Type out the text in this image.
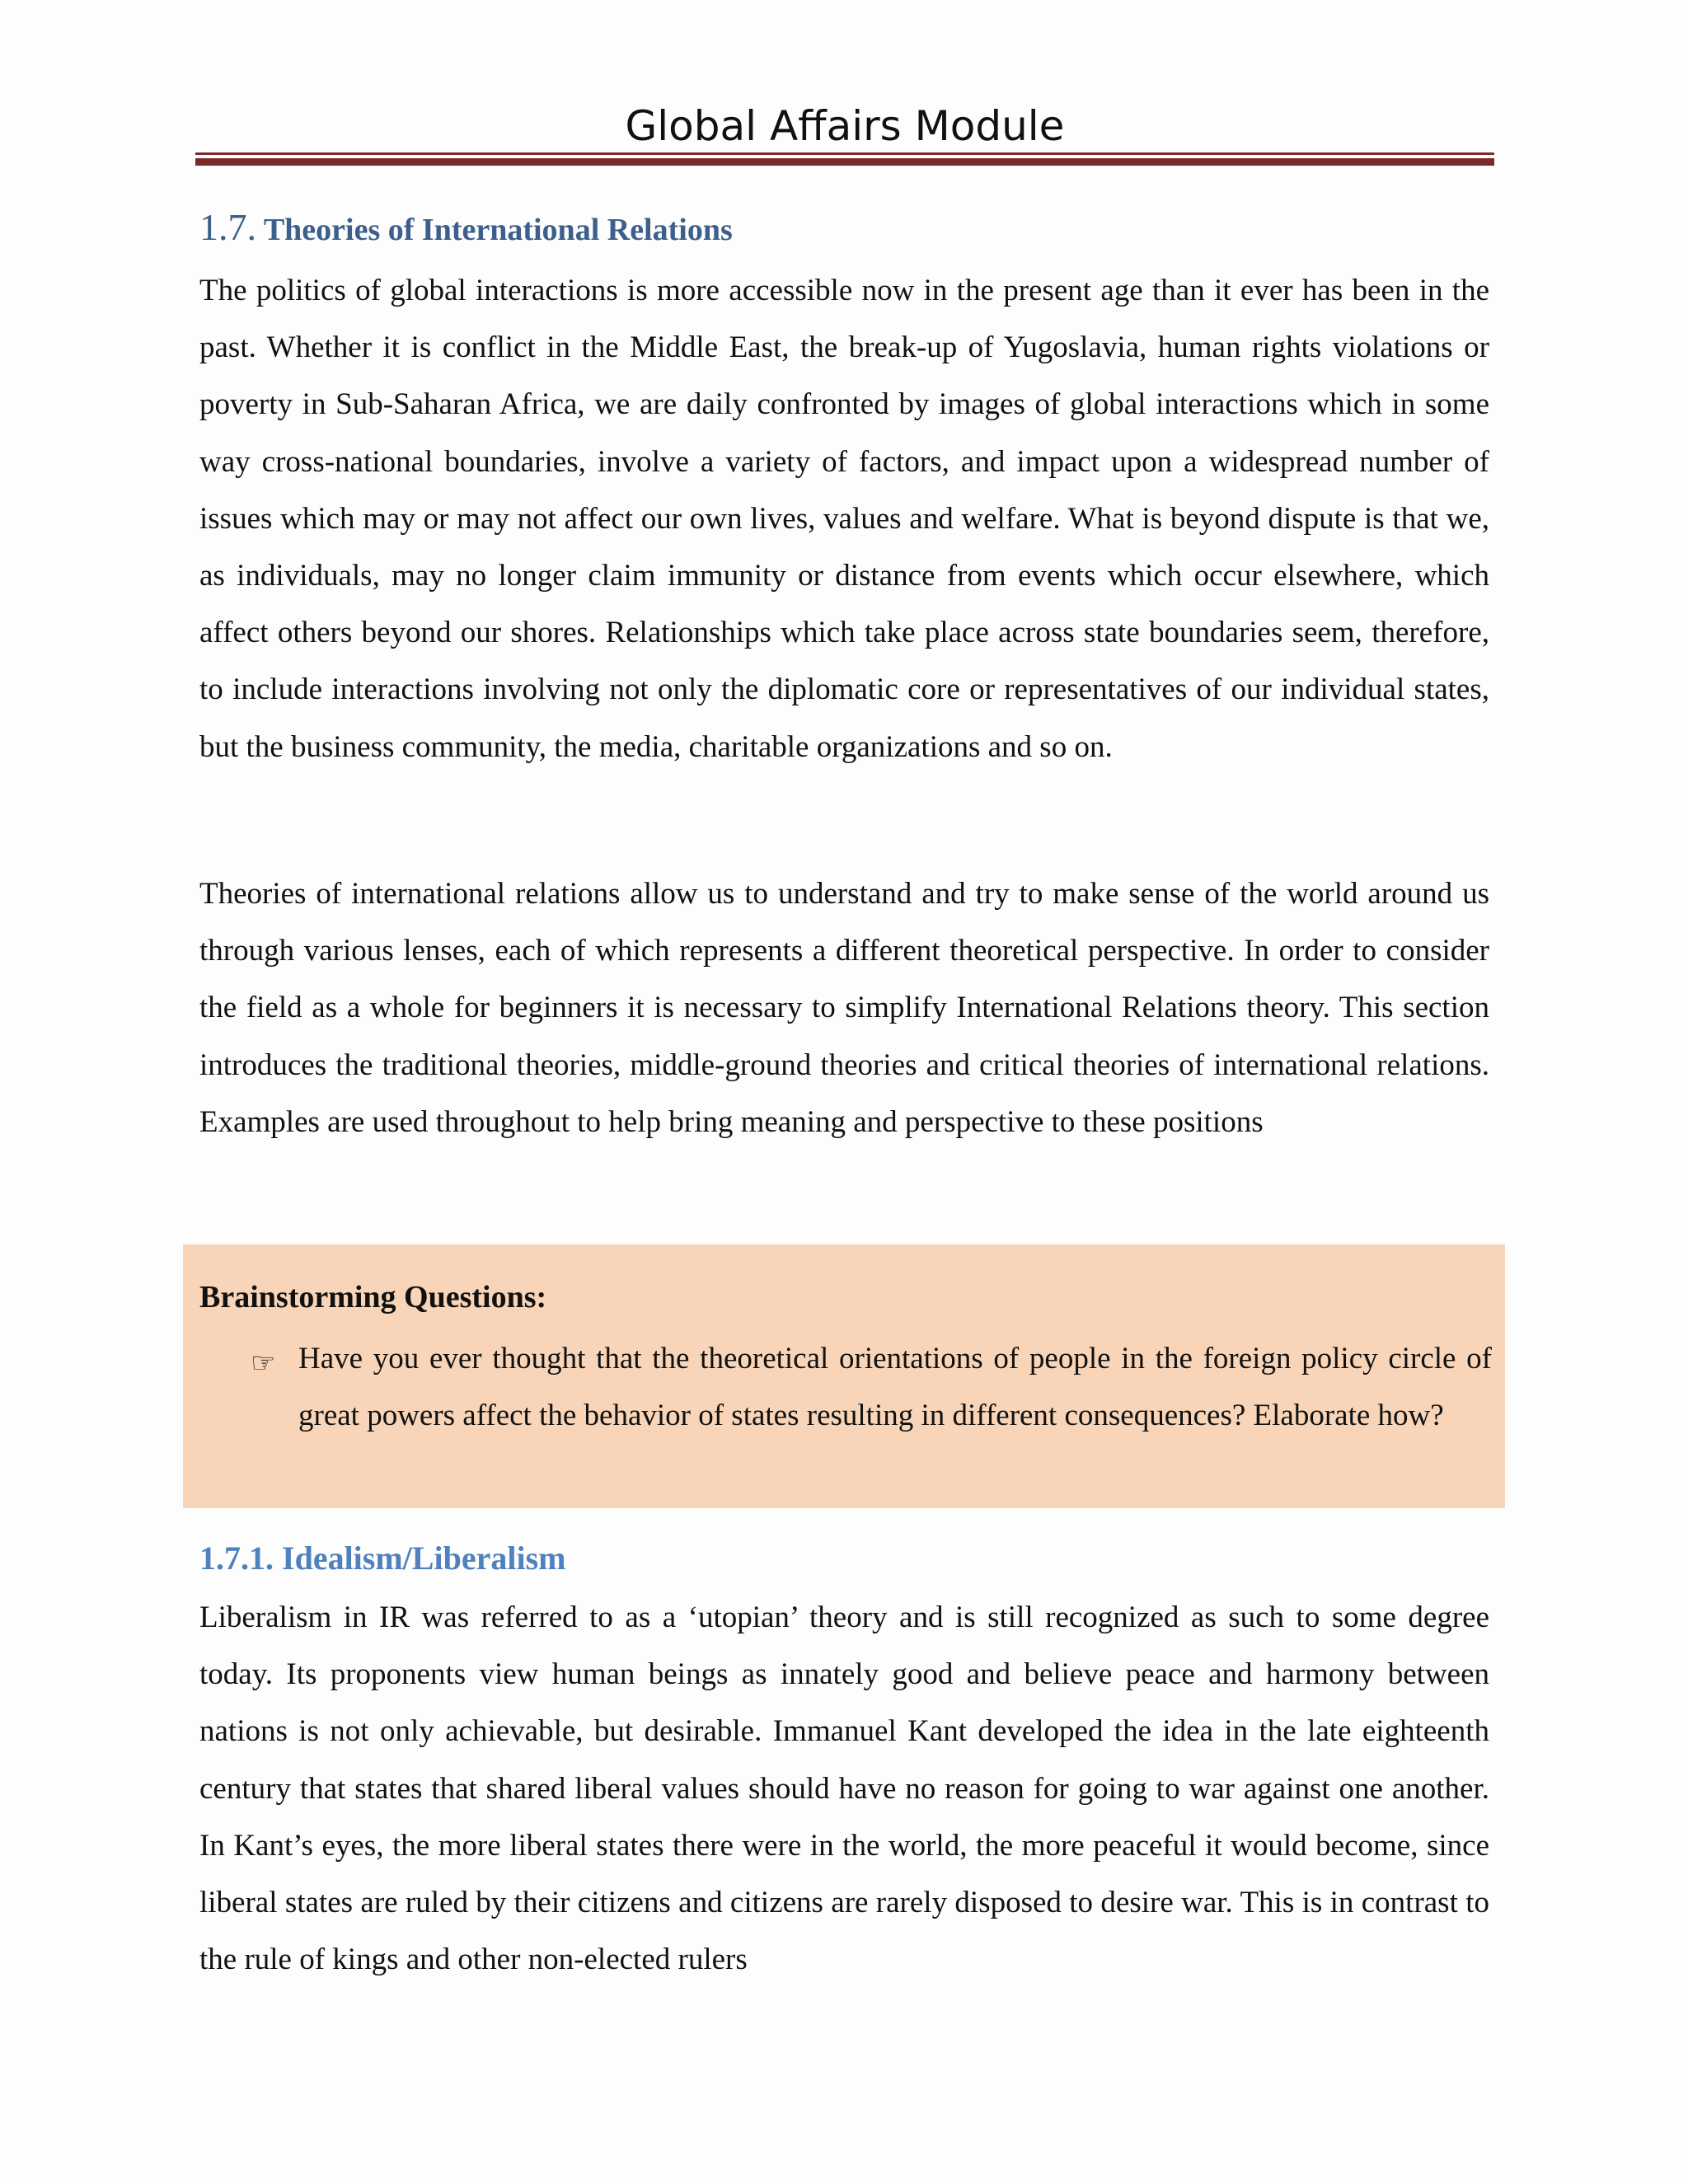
Global Affairs Module
1.7. Theories of International Relations

The politics of global interactions is more accessible now in the present age than it ever has been in the past. Whether it is conflict in the Middle East, the break-up of Yugoslavia, human rights violations or poverty in Sub-Saharan Africa, we are daily confronted by images of global interactions which in some way cross-national boundaries, involve a variety of factors, and impact upon a widespread number of issues which may or may not affect our own lives, values and welfare. What is beyond dispute is that we, as individuals, may no longer claim immunity or distance from events which occur elsewhere, which affect others beyond our shores. Relationships which take place across state boundaries seem, therefore, to include interactions involving not only the diplomatic core or representatives of our individual states, but the business community, the media, charitable organizations and so on.

Theories of international relations allow us to understand and try to make sense of the world around us through various lenses, each of which represents a different theoretical perspective. In order to consider the field as a whole for beginners it is necessary to simplify International Relations theory. This section introduces the traditional theories, middle-ground theories and critical theories of international relations. Examples are used throughout to help bring meaning and perspective to these positions

Brainstorming Questions:

☞ Have you ever thought that the theoretical orientations of people in the foreign policy circle of great powers affect the behavior of states resulting in different consequences? Elaborate how?

1.7.1. Idealism/Liberalism

Liberalism in IR was referred to as a ‘utopian’ theory and is still recognized as such to some degree today. Its proponents view human beings as innately good and believe peace and harmony between nations is not only achievable, but desirable. Immanuel Kant developed the idea in the late eighteenth century that states that shared liberal values should have no reason for going to war against one another. In Kant’s eyes, the more liberal states there were in the world, the more peaceful it would become, since liberal states are ruled by their citizens and citizens are rarely disposed to desire war. This is in contrast to the rule of kings and other non-elected rulers
